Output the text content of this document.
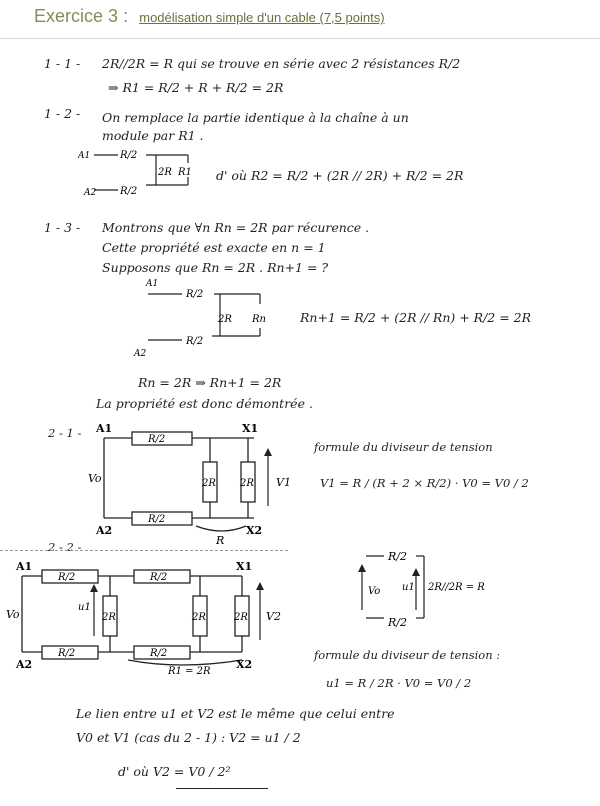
Exercice 3 : modélisation simple d'un cable (7,5 points)
1 - 1 - 2R//2R = R qui se trouve en série avec 2 résistances R/2
⇒ R1 = R/2 + R + R/2 = 2R
1 - 2 - On remplace la partie identique à la chaîne à un
module par R1 .
A1
A2
R/2
R/2
2R R1 d' où R2 = R/2 + (2R // 2R) + R/2 = 2R
1 - 3 - Montrons que ∀n Rn = 2R par récurence .
Cette propriété est exacte en n = 1
Supposons que Rn = 2R . Rn+1 = ?
A1
A2
R/2
R/2
2R Rn	Rn+1 = R/2 + (2R // Rn) + R/2 = 2R
Rn = 2R ⇒ Rn+1 = 2R
La propriété est donc démontrée .
2 - 1 - A1
A2
X1
X2
R/2
R/2
2R 2R
Vo	V1
R
formule du diviseur de tension
V1 = R / (R + 2 × R/2) · V0 = V0 / 2
2 - 2 -
A1
A2
X1
X2
R/2
R/2
R/2
R/2
2R	2R	2R
Vo
u1
V2
R1 = 2R
R/2
R/2
Vo u1 2R//2R = R
formule du diviseur de tension :
u1 = R / 2R · V0 = V0 / 2
Le lien entre u1 et V2 est le même que celui entre
V0 et V1 (cas du 2 - 1) : V2 = u1 / 2
d' où V2 = V0 / 2²
